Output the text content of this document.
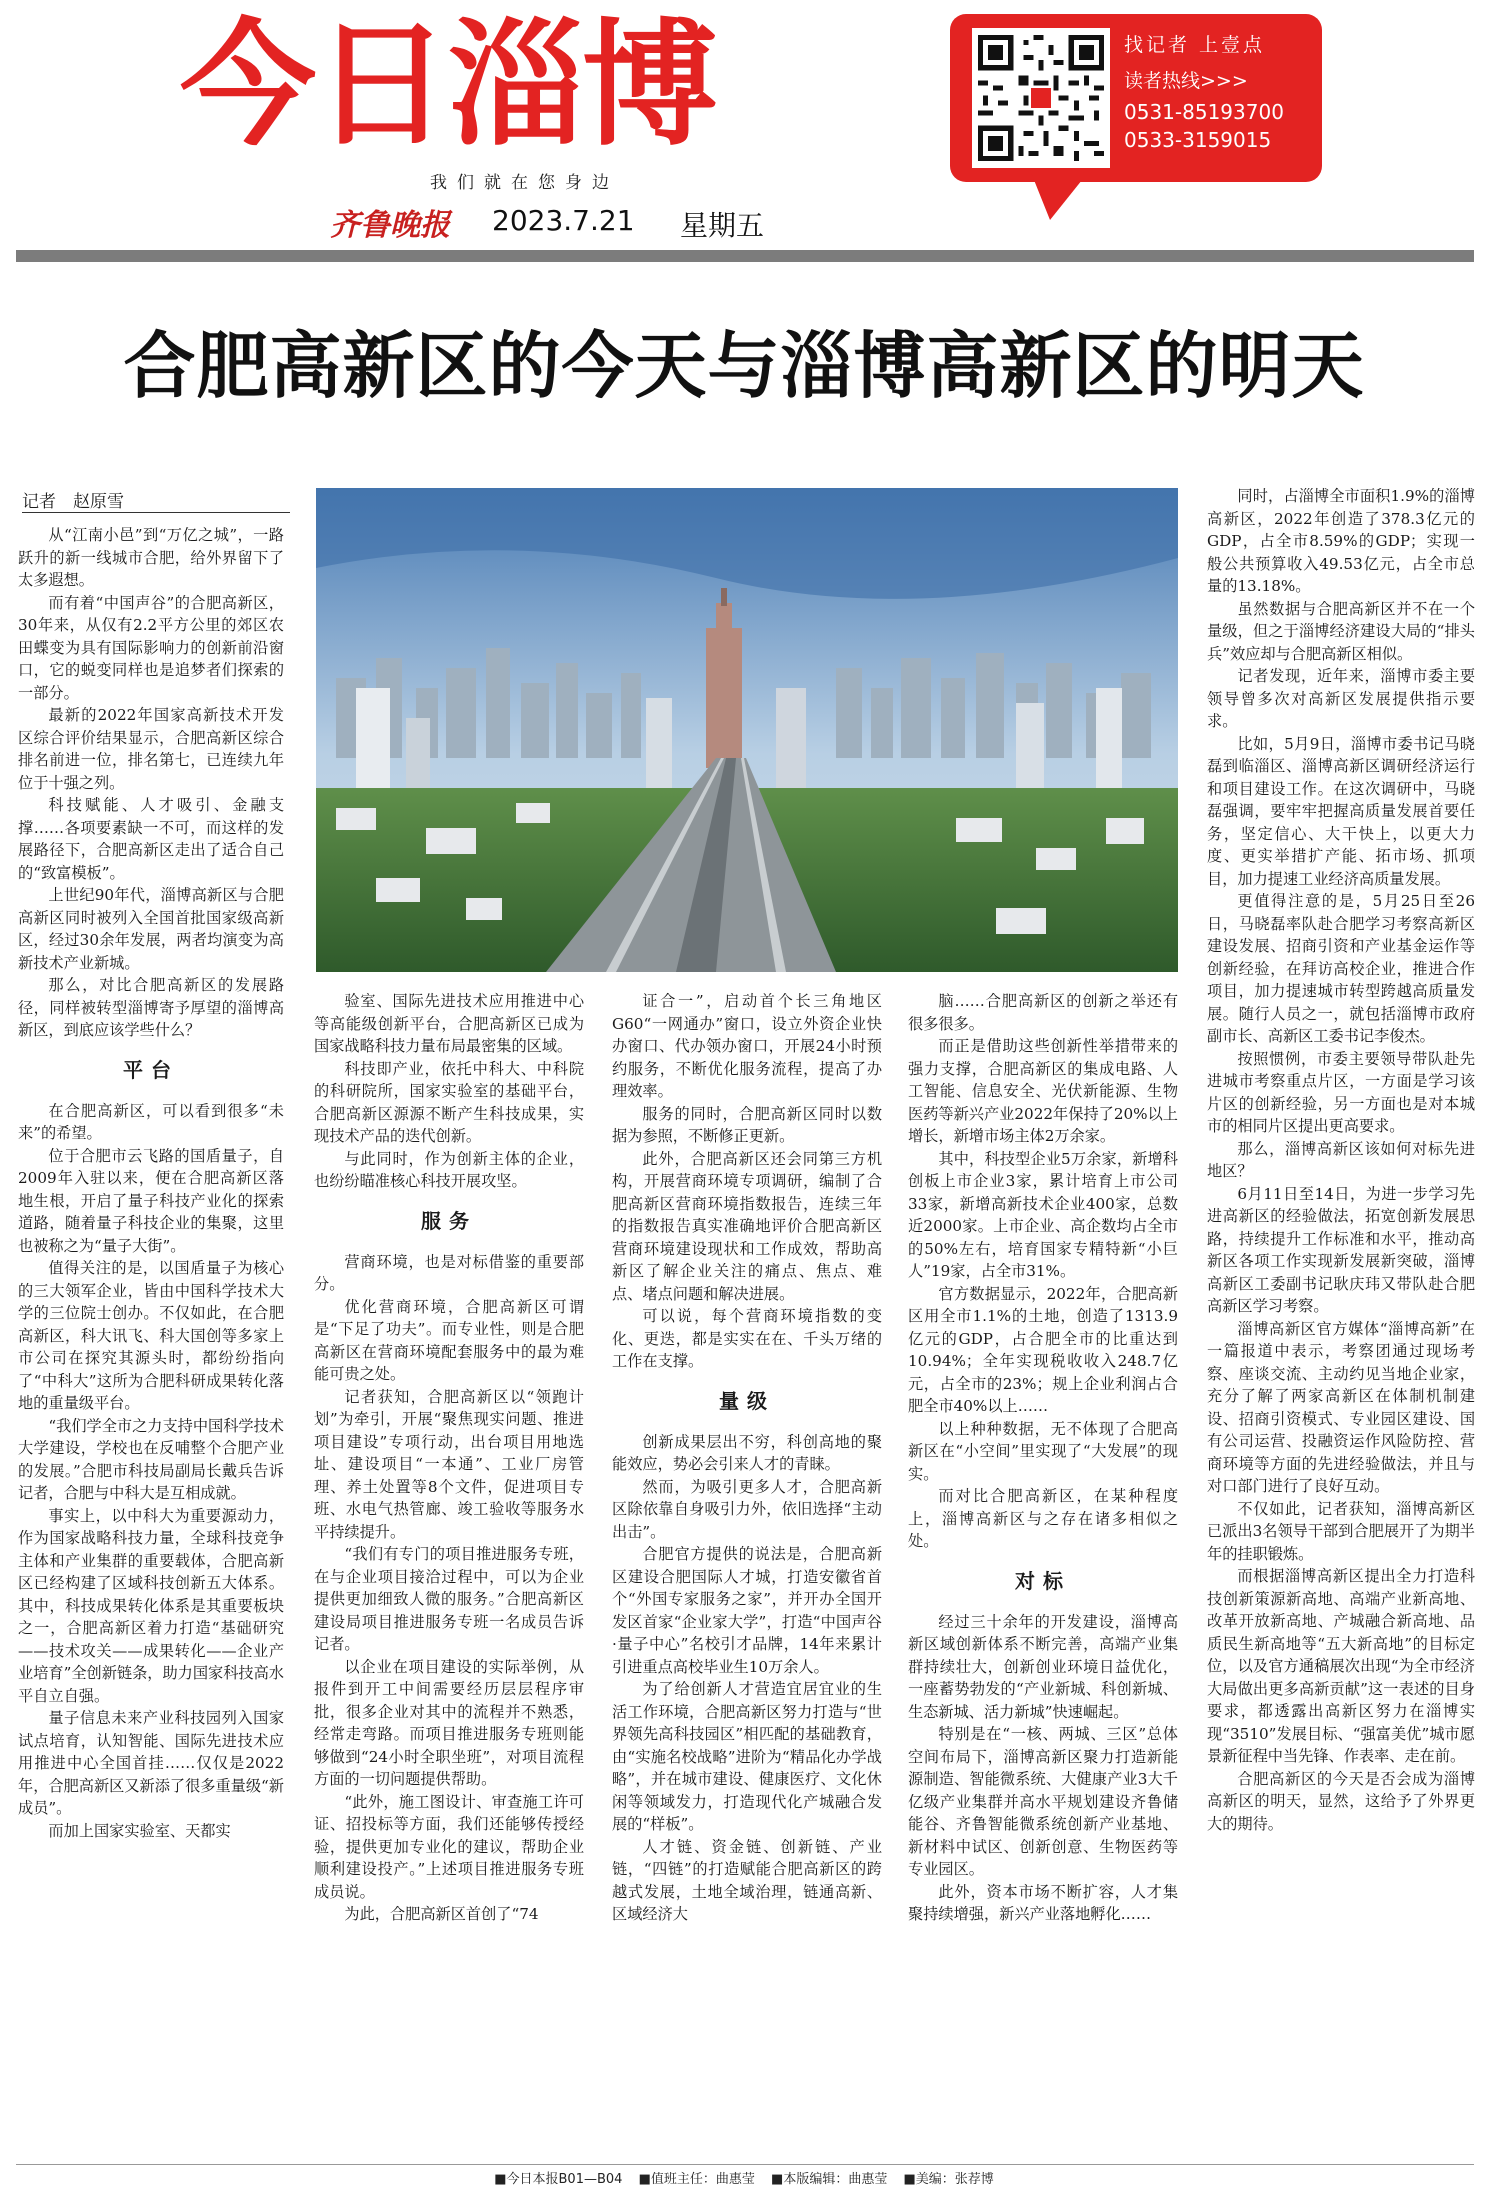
今日淄博
我们就在您身边
齐鲁晚报 2023.7.21 星期五
找记者 上壹点
读者热线>>>
0531-85193700
0533-3159015
合肥高新区的今天与淄博高新区的明天
记者　赵原雪

从“江南小邑”到“万亿之城”，一路跃升的新一线城市合肥，给外界留下了太多遐想。

而有着“中国声谷”的合肥高新区，30年来，从仅有2.2平方公里的郊区农田蝶变为具有国际影响力的创新前沿窗口，它的蜕变同样也是追梦者们探索的一部分。

最新的2022年国家高新技术开发区综合评价结果显示，合肥高新区综合排名前进一位，排名第七，已连续九年位于十强之列。

科技赋能、人才吸引、金融支撑……各项要素缺一不可，而这样的发展路径下，合肥高新区走出了适合自己的“致富模板”。

上世纪90年代，淄博高新区与合肥高新区同时被列入全国首批国家级高新区，经过30余年发展，两者均演变为高新技术产业新城。

那么，对比合肥高新区的发展路径，同样被转型淄博寄予厚望的淄博高新区，到底应该学些什么？

平台

在合肥高新区，可以看到很多“未来”的希望。

位于合肥市云飞路的国盾量子，自2009年入驻以来，便在合肥高新区落地生根，开启了量子科技产业化的探索道路，随着量子科技企业的集聚，这里也被称之为“量子大街”。

值得关注的是，以国盾量子为核心的三大领军企业，皆由中国科学技术大学的三位院士创办。不仅如此，在合肥高新区，科大讯飞、科大国创等多家上市公司在探究其源头时，都纷纷指向了“中科大”这所为合肥科研成果转化落地的重量级平台。

“我们学全市之力支持中国科学技术大学建设，学校也在反哺整个合肥产业的发展。”合肥市科技局副局长戴兵告诉记者，合肥与中科大是互相成就。

事实上，以中科大为重要源动力，作为国家战略科技力量，全球科技竞争主体和产业集群的重要载体，合肥高新区已经构建了区域科技创新五大体系。其中，科技成果转化体系是其重要板块之一，合肥高新区着力打造“基础研究——技术攻关——成果转化——企业产业培育”全创新链条，助力国家科技高水平自立自强。

量子信息未来产业科技园列入国家试点培育，认知智能、国际先进技术应用推进中心全国首挂……仅仅是2022年，合肥高新区又新添了很多重量级“新成员”。

而加上国家实验室、天都实

验室、国际先进技术应用推进中心等高能级创新平台，合肥高新区已成为国家战略科技力量布局最密集的区域。

科技即产业，依托中科大、中科院的科研院所，国家实验室的基础平台，合肥高新区源源不断产生科技成果，实现技术产品的迭代创新。

与此同时，作为创新主体的企业，也纷纷瞄准核心科技开展攻坚。

服务

营商环境，也是对标借鉴的重要部分。

优化营商环境，合肥高新区可谓是“下足了功夫”。而专业性，则是合肥高新区在营商环境配套服务中的最为难能可贵之处。

记者获知，合肥高新区以“领跑计划”为牵引，开展“聚焦现实问题、推进项目建设”专项行动，出台项目用地选址、建设项目“一本通”、工业厂房管理、养土处置等8个文件，促进项目专班、水电气热管廊、竣工验收等服务水平持续提升。

“我们有专门的项目推进服务专班，在与企业项目接洽过程中，可以为企业提供更加细致人微的服务。”合肥高新区建设局项目推进服务专班一名成员告诉记者。

以企业在项目建设的实际举例，从报件到开工中间需要经历层层程序审批，很多企业对其中的流程并不熟悉，经常走弯路。而项目推进服务专班则能够做到“24小时全职坐班”，对项目流程方面的一切问题提供帮助。

“此外，施工图设计、审查施工许可证、招投标等方面，我们还能够传授经验，提供更加专业化的建议，帮助企业顺利建设投产。”上述项目推进服务专班成员说。

为此，合肥高新区首创了“74

证合一”，启动首个长三角地区G60“一网通办”窗口，设立外资企业快办窗口、代办领办窗口，开展24小时预约服务，不断优化服务流程，提高了办理效率。

服务的同时，合肥高新区同时以数据为参照，不断修正更新。

此外，合肥高新区还会同第三方机构，开展营商环境专项调研，编制了合肥高新区营商环境指数报告，连续三年的指数报告真实准确地评价合肥高新区营商环境建设现状和工作成效，帮助高新区了解企业关注的痛点、焦点、难点、堵点问题和解决进展。

可以说，每个营商环境指数的变化、更迭，都是实实在在、千头万绪的工作在支撑。

量级

创新成果层出不穷，科创高地的聚能效应，势必会引来人才的青睐。

然而，为吸引更多人才，合肥高新区除依靠自身吸引力外，依旧选择“主动出击”。

合肥官方提供的说法是，合肥高新区建设合肥国际人才城，打造安徽省首个“外国专家服务之家”，并开办全国开发区首家“企业家大学”，打造“中国声谷·量子中心”名校引才品牌，14年来累计引进重点高校毕业生10万余人。

为了给创新人才营造宜居宜业的生活工作环境，合肥高新区努力打造与“世界领先高科技园区”相匹配的基础教育，由“实施名校战略”进阶为“精品化办学战略”，并在城市建设、健康医疗、文化休闲等领域发力，打造现代化产城融合发展的“样板”。

人才链、资金链、创新链、产业链，“四链”的打造赋能合肥高新区的跨越式发展，土地全域治理，链通高新、区域经济大

脑……合肥高新区的创新之举还有很多很多。

而正是借助这些创新性举措带来的强力支撑，合肥高新区的集成电路、人工智能、信息安全、光伏新能源、生物医药等新兴产业2022年保持了20%以上增长，新增市场主体2万余家。

其中，科技型企业5万余家，新增科创板上市企业3家，累计培育上市公司33家，新增高新技术企业400家，总数近2000家。上市企业、高企数均占全市的50%左右，培育国家专精特新“小巨人”19家，占全市31%。

官方数据显示，2022年，合肥高新区用全市1.1%的土地，创造了1313.9亿元的GDP，占合肥全市的比重达到10.94%；全年实现税收收入248.7亿元，占全市的23%；规上企业利润占合肥全市40%以上……

以上种种数据，无不体现了合肥高新区在“小空间”里实现了“大发展”的现实。

而对比合肥高新区，在某种程度上，淄博高新区与之存在诸多相似之处。

对标

经过三十余年的开发建设，淄博高新区域创新体系不断完善，高端产业集群持续壮大，创新创业环境日益优化，一座蓄势勃发的“产业新城、科创新城、生态新城、活力新城”快速崛起。

特别是在“一核、两城、三区”总体空间布局下，淄博高新区聚力打造新能源制造、智能微系统、大健康产业3大千亿级产业集群并高水平规划建设齐鲁储能谷、齐鲁智能微系统创新产业基地、新材料中试区、创新创意、生物医药等专业园区。

此外，资本市场不断扩容，人才集聚持续增强，新兴产业落地孵化……

同时，占淄博全市面积1.9%的淄博高新区，2022年创造了378.3亿元的GDP，占全市8.59%的GDP；实现一般公共预算收入49.53亿元，占全市总量的13.18%。

虽然数据与合肥高新区并不在一个量级，但之于淄博经济建设大局的“排头兵”效应却与合肥高新区相似。

记者发现，近年来，淄博市委主要领导曾多次对高新区发展提供指示要求。

比如，5月9日，淄博市委书记马晓磊到临淄区、淄博高新区调研经济运行和项目建设工作。在这次调研中，马晓磊强调，要牢牢把握高质量发展首要任务，坚定信心、大干快上，以更大力度、更实举措扩产能、拓市场、抓项目，加力提速工业经济高质量发展。

更值得注意的是，5月25日至26日，马晓磊率队赴合肥学习考察高新区建设发展、招商引资和产业基金运作等创新经验，在拜访高校企业，推进合作项目，加力提速城市转型跨越高质量发展。随行人员之一，就包括淄博市政府副市长、高新区工委书记李俊杰。

按照惯例，市委主要领导带队赴先进城市考察重点片区，一方面是学习该片区的创新经验，另一方面也是对本城市的相同片区提出更高要求。

那么，淄博高新区该如何对标先进地区？

6月11日至14日，为进一步学习先进高新区的经验做法，拓宽创新发展思路，持续提升工作标准和水平，推动高新区各项工作实现新发展新突破，淄博高新区工委副书记耿庆玮又带队赴合肥高新区学习考察。

淄博高新区官方媒体“淄博高新”在一篇报道中表示，考察团通过现场考察、座谈交流、主动约见当地企业家，充分了解了两家高新区在体制机制建设、招商引资模式、专业园区建设、国有公司运营、投融资运作风险防控、营商环境等方面的先进经验做法，并且与对口部门进行了良好互动。

不仅如此，记者获知，淄博高新区已派出3名领导干部到合肥展开了为期半年的挂职锻炼。

而根据淄博高新区提出全力打造科技创新策源新高地、高端产业新高地、改革开放新高地、产城融合新高地、品质民生新高地等“五大新高地”的目标定位，以及官方通稿展次出现“为全市经济大局做出更多高新贡献”这一表述的目身要求，都透露出高新区努力在淄博实现“3510”发展目标、“强富美优”城市愿景新征程中当先锋、作表率、走在前。

合肥高新区的今天是否会成为淄博高新区的明天，显然，这给予了外界更大的期待。

■今日本报B01—B04 ■值班主任：曲惠莹 ■本版编辑：曲惠莹 ■美编：张荐博
